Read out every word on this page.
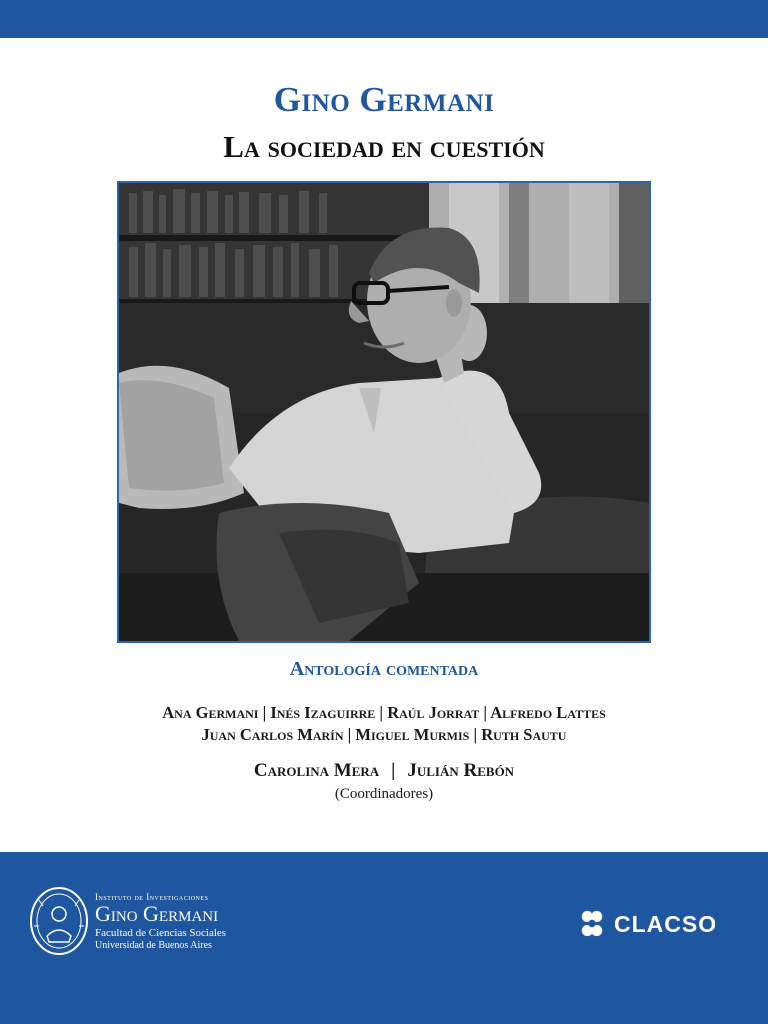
Gino Germani
La sociedad en cuestión
Antología comentada
Ana Germani | Inés Izaguirre | Raúl Jorrat | Alfredo Lattes
Juan Carlos Marín | Miguel Murmis | Ruth Sautu
Carolina Mera | Julián Rebón
(Coordinadores)
Instituto de Investigaciones
Gino Germani
Facultad de Ciencias Sociales
Universidad de Buenos Aires
CLACSO
